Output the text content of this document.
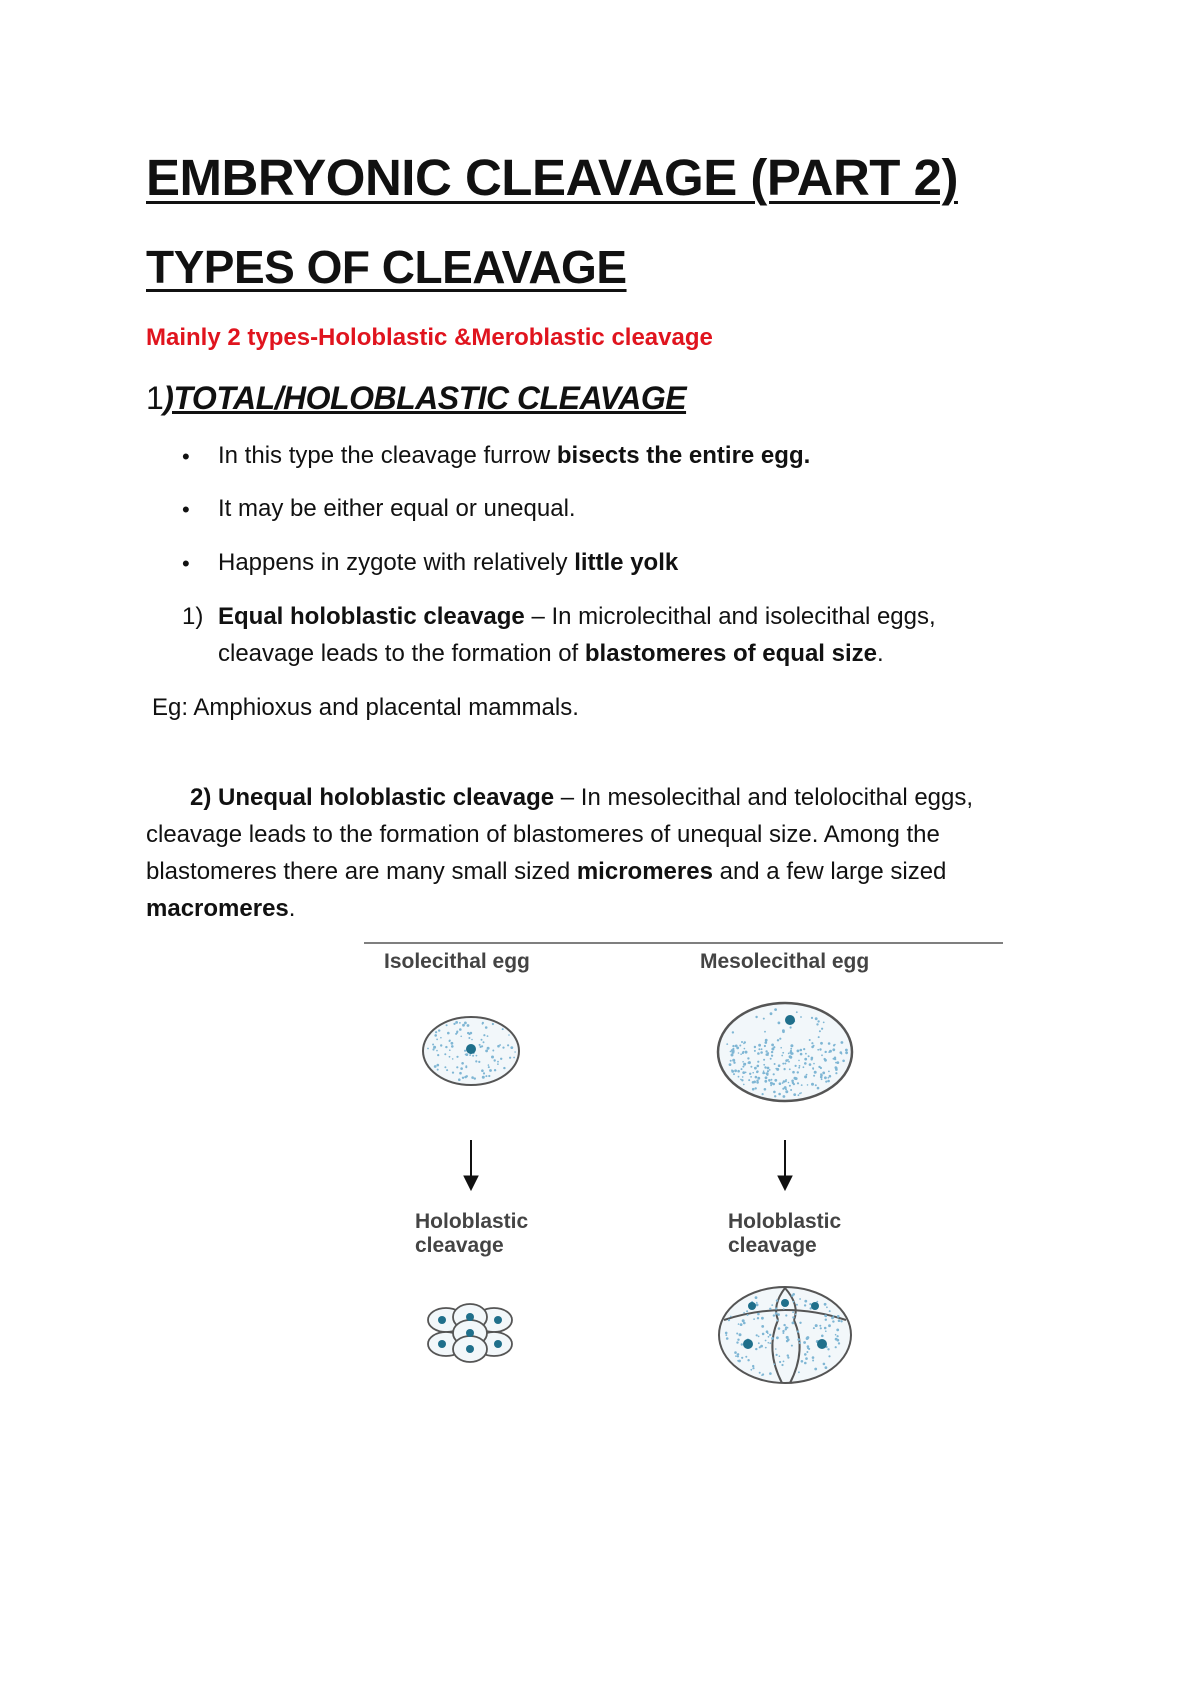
EMBRYONIC CLEAVAGE (PART 2)
TYPES OF CLEAVAGE
Mainly 2 types-Holoblastic &Meroblastic cleavage
1)TOTAL/HOLOBLASTIC CLEAVAGE
• In this type the cleavage furrow bisects the entire egg.
• It may be either equal or unequal.
• Happens in zygote with relatively little yolk
1) Equal holoblastic cleavage – In microlecithal and isolecithal eggs,
cleavage leads to the formation of blastomeres of equal size.
Eg: Amphioxus and placental mammals.
2) Unequal holoblastic cleavage – In mesolecithal and telolocithal eggs,
cleavage leads to the formation of blastomeres of unequal size. Among the
blastomeres there are many small sized micromeres and a few large sized
macromeres.
Isolecithal egg	Mesolecithal egg
Holoblastic
cleavage
Holoblastic
cleavage
